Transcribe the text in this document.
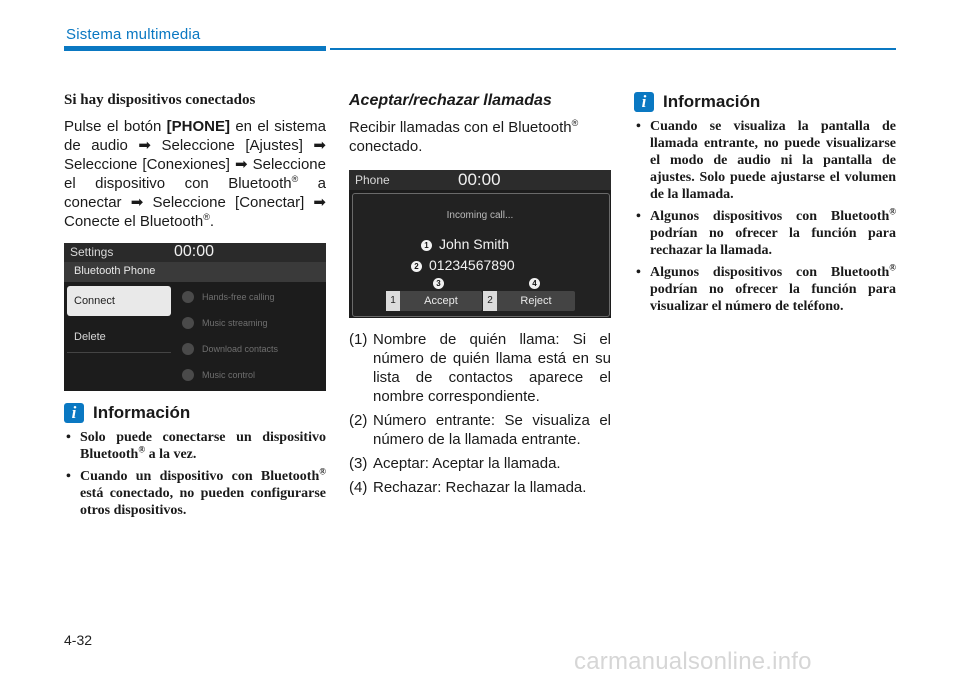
Sistema multimedia
Si hay dispositivos conectados

Pulse el botón [PHONE] en el sistema de audio ➡ Seleccione [Ajustes] ➡ Seleccione [Conexiones] ➡ Seleccione el dispositivo con Bluetooth® a conectar ➡ Seleccione [Conectar] ➡ Conecte el Bluetooth®.

Settings	00:00
Bluetooth Phone
Connect
Delete
Hands-free calling
Music streaming
Download contacts
Music control
i Información
• Solo puede conectarse un dispositivo Bluetooth® a la vez.
• Cuando un dispositivo con Bluetooth® está conectado, no pueden configurarse otros dispositivos.
Aceptar/rechazar llamadas

Recibir llamadas con el Bluetooth® conectado.

Phone	00:00
Incoming call...
1 John Smith
2 01234567890
3	4
1	Accept	2	Reject
(1) Nombre de quién llama: Si el número de quién llama está en su lista de contactos aparece el nombre correspondiente.
(2) Número entrante: Se visualiza el número de la llamada entrante.
(3) Aceptar: Aceptar la llamada.
(4) Rechazar: Rechazar la llamada.
i Información
• Cuando se visualiza la pantalla de llamada entrante, no puede visualizarse el modo de audio ni la pantalla de ajustes. Solo puede ajustarse el volumen de la llamada.
• Algunos dispositivos con Bluetooth® podrían no ofrecer la función para rechazar la llamada.
• Algunos dispositivos con Bluetooth® podrían no ofrecer la función para visualizar el número de teléfono.
4-32
carmanualsonline.info
